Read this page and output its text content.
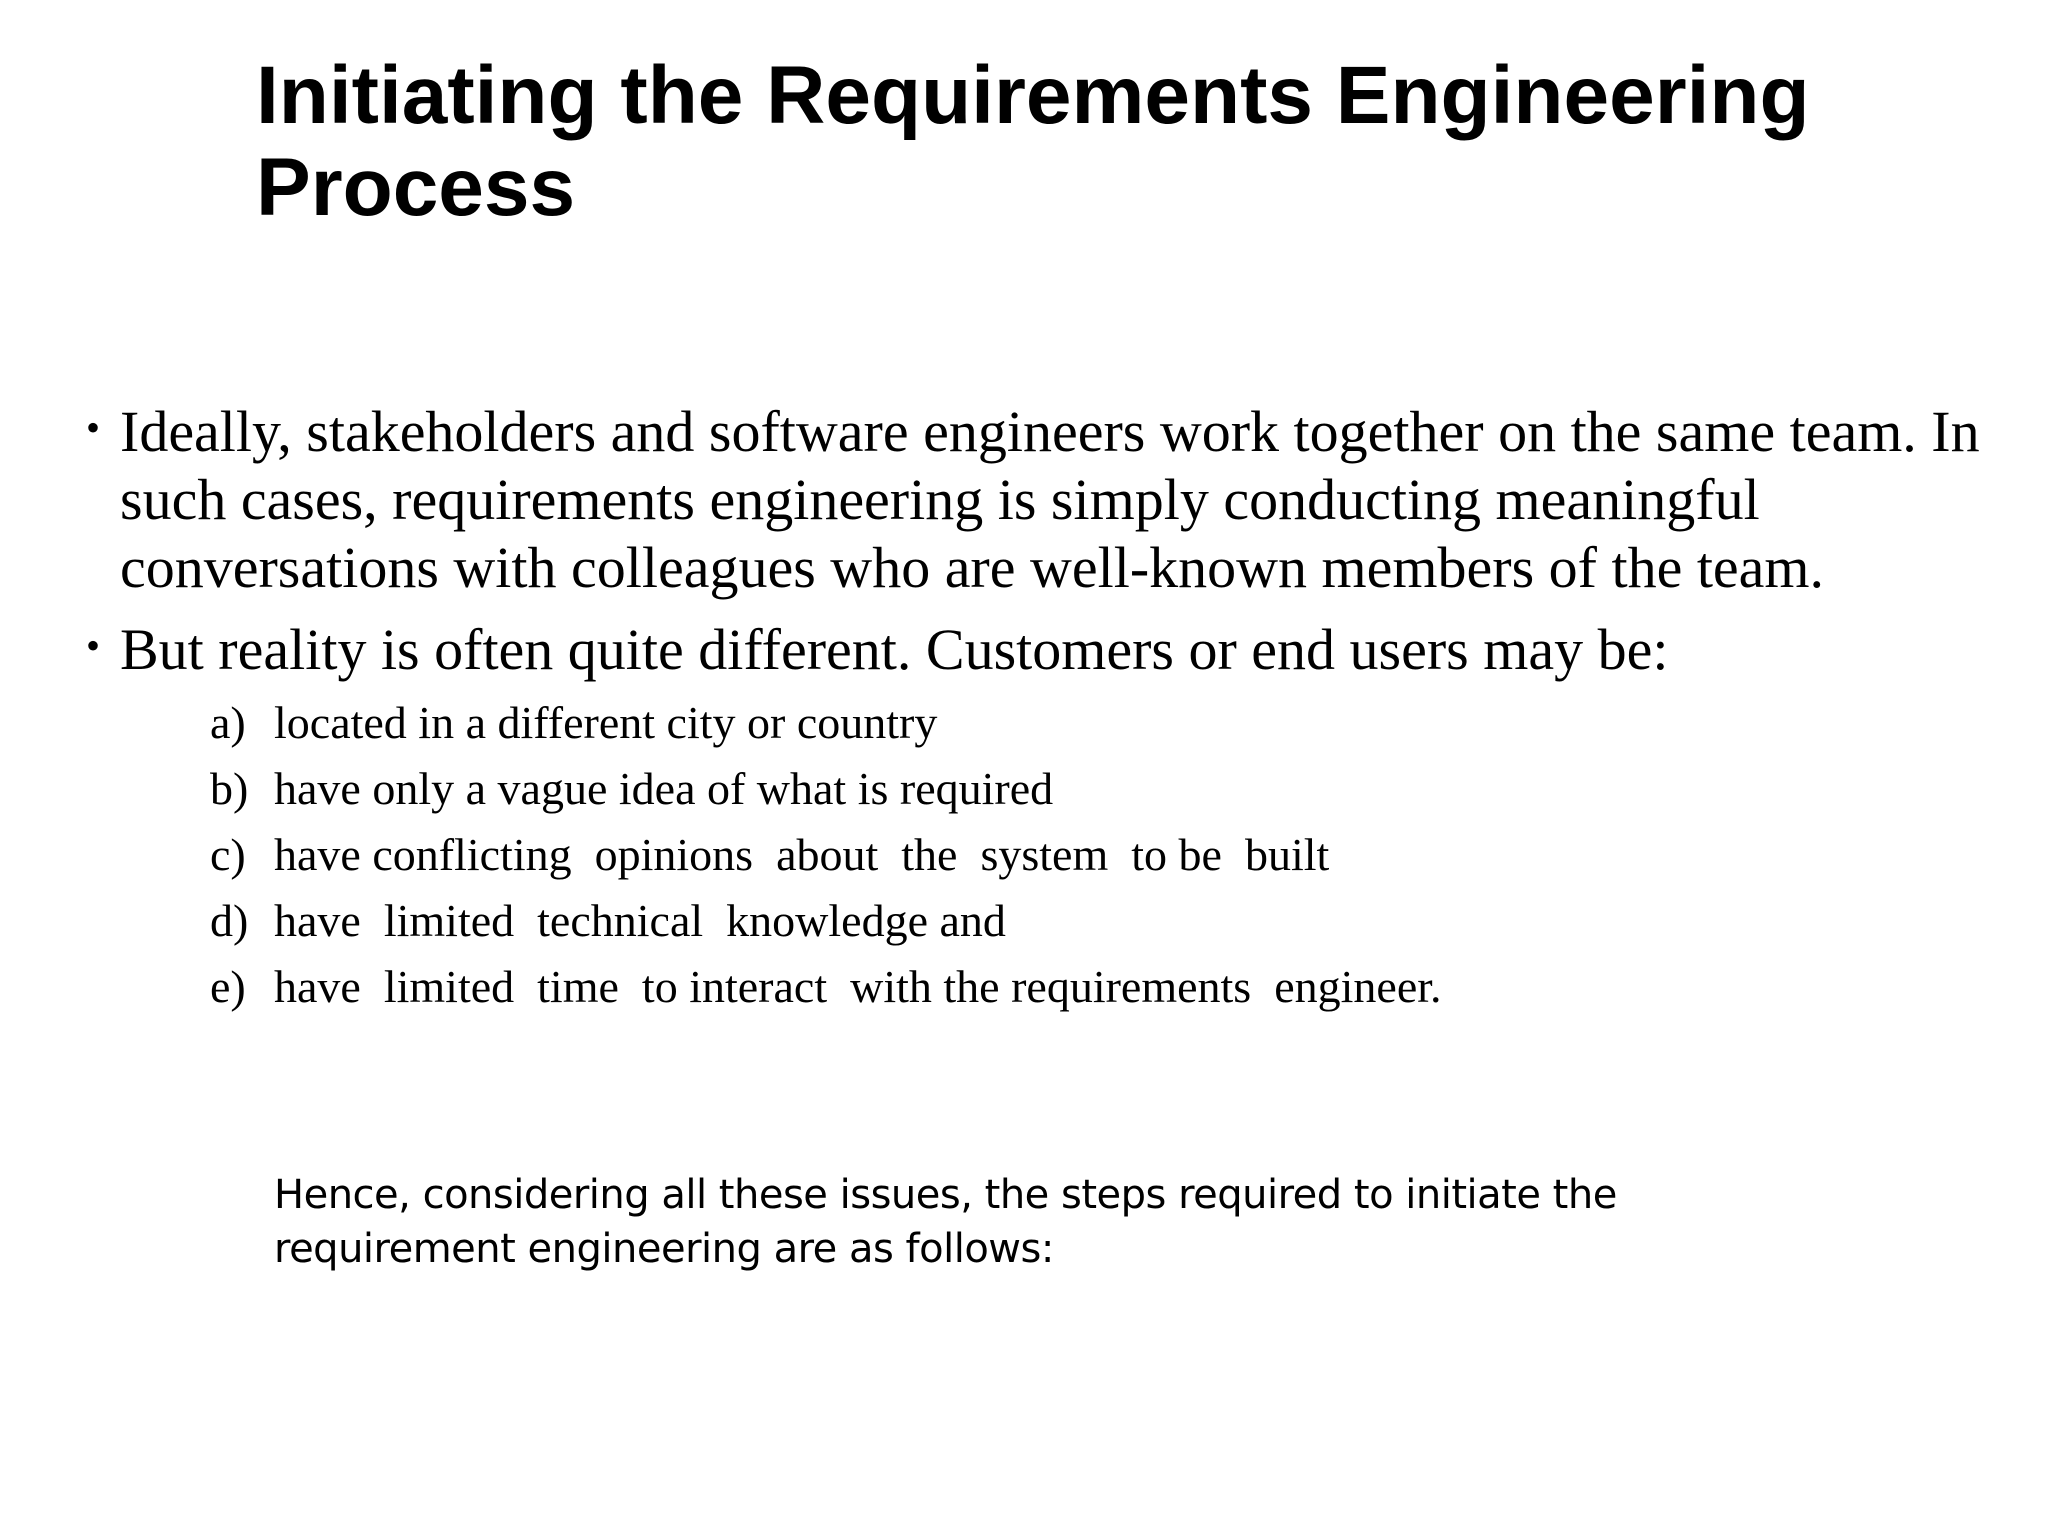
Initiating the Requirements Engineering Process
• Ideally, stakeholders and software engineers work together on the same team. In such cases, requirements engineering is simply conducting meaningful conversations with colleagues who are well-known members of the team.
• But reality is often quite different. Customers or end users may be:
a) located in a different city or country
b) have only a vague idea of what is required
c) have conflicting  opinions  about  the  system  to be  built
d) have  limited  technical  knowledge and
e) have  limited  time  to interact  with the requirements  engineer.

Hence, considering all these issues, the steps required to initiate the requirement engineering are as follows:
